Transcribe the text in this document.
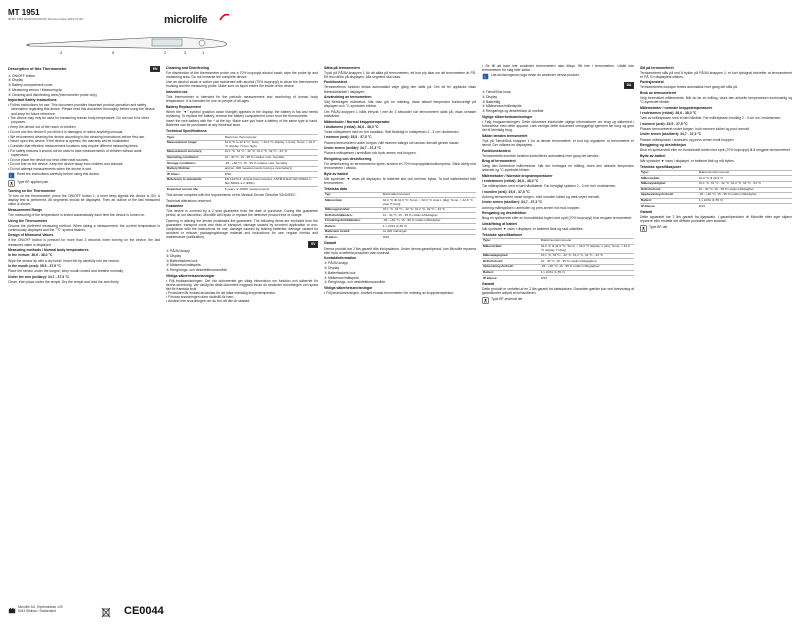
MT 1951
IB MT 1951 EN/SV/DA/NO/FI Revision Date 2016-07-08	microlife
4	5	2	3	1
Description of this Thermometer	EN
① ON/OFF button
② Display
③ Battery compartment cover
④ Measuring sensor / Measuring tip
⑤ Cleaning and disinfecting area (thermometer probe only)
Important Safety Instructions
• Follow instructions for use. This document provides important product operation and safety information regarding this device. Please read this document thoroughly before using the device and keep for future reference.
• The device may only be used for measuring human body temperature. Do not use it for other purposes.
• Keep the device out of the reach of children.
• Do not use this device if you think it is damaged or notice anything unusual.
• We recommend cleaning the device according to the cleaning instructions before first use.
• Never open this device. If the device is opened, the warranty will be invalidated.
• Consider that effective measurement locations may require different measuring times.
• For safety reasons it should not be used to take measurements of children without adult supervision.
• Do not place the device too near other heat sources.
• Do not bite on the device. Keep the device away from children and animals.
• Do not attempt measurements when the device is wet.
i Read the instructions carefully before using this device.
Type BF applied part
Turning on the Thermometer
To turn on the thermometer, press the ON/OFF button 1; a short beep signals the device is ON. A display test is performed. All segments should be displayed. Then an outline of the last measured value is shown.
Measurement Range
The measuring of the temperature is tested automatically each time the device is turned on.
Using the Thermometer
Choose the preferred measuring method. When taking a measurement, the current temperature is continuously displayed and the "°C" symbol flashes.
Design of Measured Values
If the ON/OFF button is pressed for more than 3 seconds when turning on the device, the last measured value is displayed.
Measuring methods / Normal body temperatures
In the rectum: 36.6 - 38.0 °C
Wipe the sensor tip with a dry towel. Insert the tip carefully into the rectum.
In the mouth (oral): 35.5 - 37.5 °C
Place the sensor under the tongue, keep mouth closed and breathe normally.
Under the arm (axillary): 34.7 - 37.3 °C
Clean, then place under the armpit. Dry the armpit and hold the arm firmly.
Cleaning and Disinfecting
For disinfection of the thermometer probe use a 70% isopropyl alcohol swab; wipe the probe tip and measuring area. Do not immerse the complete device.
Use an alcohol swab or cotton pad moistened with alcohol (70% isopropyl) to clean the thermometer housing and the measuring probe. Make sure no liquid enters the inside of the device.
Intended use
This thermometer is intended for the periodic measurement and monitoring of human body temperature. It is intended for use on people of all ages.
Battery Replacement
When the "▼" symbol (position down triangle) appears in the display, the battery is flat and needs replacing. To replace the battery, remove the battery compartment cover from the thermometer.
Insert the new battery with the + at the top. Make sure you have a battery of the same type to hand. Batteries can be purchased at any electrical store.
Technical Specifications
Type:	Maximum thermometer
Measurement range:	32.0 °C to 42.9 °C; Temp. < 32.0 °C display: L (low); Temp. > 42.9 °C display: H (too high)
Measurement accuracy:	±0.1 °C, 34 °C - 42 °C; ±0.2 °C, 32 °C - 34 °C
Operating conditions:	10 - 40 °C; 15 - 95 % relative max. humidity
Storage conditions:	-25 - +60 °C; 15 - 95 % relative max. humidity
Battery lifetime:	approx. 400 measurements (using a new battery)
IP Class:	IP22
Reference to standards:	EN 12470-3, clinical thermometers; ASTM E1112; IEC 60601-1; IEC 60601-1-2 (EMC)
Expected service life:	5 years or 10000 measurements
This device complies with the requirements of the Medical Device Directive 93/42/EEC.
Technical alterations reserved.
Guarantee
This device is covered by a 2 year guarantee from the date of purchase. During this guarantee period, at our discretion, Microlife will repair or replace the defective product free of charge.
Opening or altering the device invalidates the guarantee. The following items are excluded from the guarantee: transport costs and risks of transport; damage caused by incorrect application or non-compliance with the instructions for use; damage caused by leaking batteries; damage caused by accident or misuse; packaging/storage material and instructions for use; regular checks and maintenance (calibration).
SV
① PÅ/AV-knapp
② Display
③ Batterifackets lock
④ Mätsensor/mätspets
⑤ Rengörings- och desinfektionsområde
Viktiga säkerhetsanvisningar
• Följ bruksanvisningen. Det här dokumentet ger viktig information om funktion och säkerhet för denna anordning. Var vänlig läs detta dokument noggrant innan du använder anordningen och spara det för framtida bruk.
• Produkten får endast användas för att mäta mänsklig kroppstemperatur.
• Förvara anordningen utom räckhåll för barn.
• Använd inte anordningen om du tror att den är skadad.
Sätta på termometern
Tryck på PÅ/AV-knappen 1 för att sätta på termometern; ett kort pip talar om att termometern är PÅ. Ett test utförs på displayen. Alla segment ska visas.
Funktionstest
Termometerns funktion testas automatiskt varje gång den sätts på. Om ett fel upptäcks visas felmeddelandet i displayen.
Användning av termometern
Välj föredragen mätmetod. När man gör en mätning, visas aktuell temperatur kontinuerligt på displayen och °C-symbolen blinkar.
Om PÅ/AV-knappen 1 hålls intryckt i mer än 3 sekunder när termometern sätts på, visas senaste mätvärdet.
Mätmetoder / Normal kroppstemperatur
I ändtarmen (rektal): 36,6 - 38,0 °C
Torka mätspetsen med en torr handduk. Sätt försiktigt in mätspetsen 2 - 3 cm i ändtarmen.
I munnen (oral): 35,5 - 37,5 °C
Placera termometern under tungan, håll munnen stängd och andas normalt genom näsan.
Under armen (axillär): 34,7 - 37,3 °C
Placera mätspetsen i armhålan och tryck armen mot kroppen.
Rengöring och desinficering
För desinficering av termometerns spets, använd en 70% isopropylalkoholkompress. Sänk aldrig ned termometern i vätska.
Byte av batteri
När symbolen ▼ visas på displayen, är batteriet slut och behöver bytas. Ta bort batterilocket från termometern.
Tekniska data
Typ:	Maximaltermometer
Mätområde:	32,0 °C till 42,9 °C; Temp. < 32,0 °C visar L (låg); Temp. > 42,9 °C visar H (hög)
Mätnoggrannhet:	±0,1 °C, 34 °C - 42 °C; ±0,2 °C, 32 °C - 34 °C
Driftsförhållanden:	10 - 40 °C; 15 - 95 % relativ luftfuktighet
Förvaringsförhållanden:	-25 - +60 °C; 15 - 95 % relativ luftfuktighet
Batteri:	1 x LR41 (1,55 V)
Batteriets livstid:	ca 400 mätningar
IP-klass:	IP22
Garanti
Denna produkt har 2 års garanti från inköpsdatum. Under denna garantiperiod, kan Microlife reparera eller byta ut defekta produkter utan kostnad.
Kontaktinformation
① PÅ/AV-knapp
② Display
③ Batterifackets lock
④ Mätsensor/mätspets
⑤ Rengörings- och desinfektionsområde
Viktiga säkerhetsanvisningar
• Följ bruksanvisningen. Använd endast termometern för mätning av kroppstemperatur.
• Se till att barn inte använder termometern utan tillsyn. Bit inte i termometern. Utsätt inte termometern för slag eller stötar.
i Läs anvisningarna noga innan du använder denna produkt.
DA
① Tænd/Sluk knap
② Display
③ Batterilåg
④ Målesensor/måledspids
⑤ Rengørings og desinfektion af område
Vigtige sikkerhedsanvisninger
• Følg brugsanvisningen. Dette dokument indeholder vigtige informationer om brug og sikkerhed i forbindelse med dette apparat. Læs venligst dette dokument omhyggeligt igennem før brug og gem det til fremtidig brug.
Sådan tændes termometret
Tryk på Tænd/Sluk knappen 1 for at tænde termometret; et kort bip signalerer at termometret er tændt. Der udføres en displaytest.
Funktionskontrol
Termometrets korrekte funktion kontrolleres automatisk hver gang det tændes.
Brug af termometret
Vælg den foretrukne målemetode. Når der foretages en måling, vises den aktuelle temperatur løbende og °C-symbolet blinker.
Målemetoder / Normale kropstemperaturer
I endetarmen (rektal): 36,6 - 38,0 °C
Tør målespidsen med et tørt håndklæde. Før forsigtigt spidsen 2 - 3 cm ind i endetarmen.
I munden (oral): 35,5 - 37,5 °C
Anbring termometret under tungen, hold munden lukket og træk vejret normalt.
Under armen (aksillær): 34,7 - 37,3 °C
Anbring målespidsen i armhulen og pres armen ind mod kroppen.
Rengøring og desinfektion
Brug en spritserviet eller en bomuldsklud fugtet med sprit (70% isopropyl) til at rengøre termometret.
Udskiftning af batteri
Når symbolet ▼ vises i displayet, er batteriet fladt og skal udskiftes.
Tekniske specifikationer
Type:	Maksimumtermometer
Måleområde:	32,0 °C til 42,9 °C; Temp. < 32,0 °C display: L (lav); Temp. > 42,9 °C display: H (høj)
Målenøjagtighed:	±0,1 °C, 34 °C - 42 °C; ±0,2 °C, 32 °C - 34 °C
Driftsforhold:	10 - 40 °C; 15 - 95 % relativ luftfugtighed
Opbevaringsforhold:	-25 - +60 °C; 15 - 95 % relativ luftfugtighed
Batteri:	1 x LR41 (1,55 V)
IP-klasse:	IP22
Garanti
Dette produkt er omfattet af en 2 års garanti fra købsdatoen. Garantien gælder kun ved forevisning af garantikortet udfyldt af forhandleren.
Type BF-anvendt del
Slå på termometeret
Termometeret slås på ved å trykke på PÅ/AV-knappen 1; et kort lydsignal bekrefter at termometeret er PÅ. En displaytest utføres.
Funksjonstest
Termometerets funksjon testes automatisk hver gang det slås på.
Bruk av termometeret
Velg foretrukket målemetode. Når du tar en måling, vises den aktuelle temperaturen kontinuerlig og °C-symbolet blinker.
Målemetoder / normale kroppstemperaturer
I endetarmen (rektal): 36,6 - 38,0 °C
Tørk av målespissen med et tørt håndkle. Før målespissen forsiktig 2 - 3 cm inn i endetarmen.
I munnen (oral): 35,5 - 37,5 °C
Plasser termometeret under tungen, hold munnen lukket og pust normalt.
Under armen (aksillært): 34,7 - 37,3 °C
Plasser målespissen i armhulen og press armen inntil kroppen.
Rengjøring og desinfeksjon
Bruk en spritserviett eller en bomullsdott fuktet med sprit (70% isopropyl) til å rengjøre termometeret.
Bytte av batteri
Når symbolet ▼ vises i displayet, er batteriet flatt og må byttes.
Tekniske spesifikasjoner
Type:	Maksimumtermometer
Måleområde:	32,0 °C til 42,9 °C
Målenøyaktighet:	±0,1 °C, 34 °C - 42 °C; ±0,2 °C, 32 °C - 34 °C
Driftsforhold:	10 - 40 °C; 15 - 95 % relativ luftfuktighet
Oppbevaringsforhold:	-25 - +60 °C; 15 - 95 % relativ luftfuktighet
Batteri:	1 x LR41 (1,55 V)
IP-klasse:	IP22
Garanti
Dette apparatet har 2 års garanti fra kjøpsdato. I garantiperioden vil Microlife etter eget skjønn reparere eller erstatte det defekte produktet uten kostnad.
Type BF-del
Microlife AG, Espenstrasse 139
9443 Widnau / Switzerland	CE0044
